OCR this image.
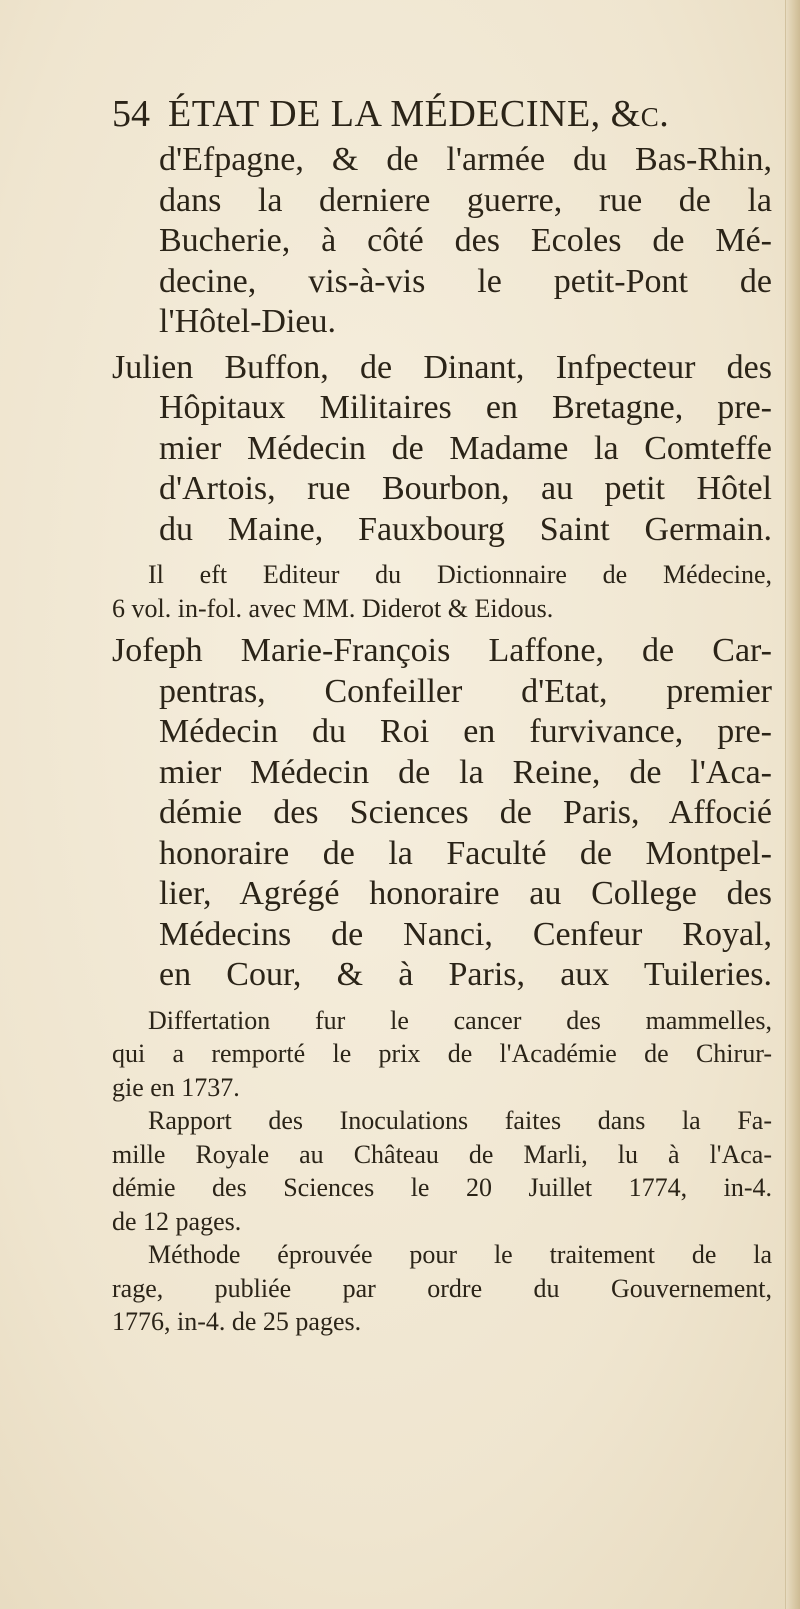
54 ÉTAT DE LA MÉDECINE, &c.
d'Efpagne, & de l'armée du Bas-Rhin,
dans la derniere guerre, rue de la
Bucherie, à côté des Ecoles de Mé-
decine, vis-à-vis le petit-Pont de
l'Hôtel-Dieu.
Julien Buffon, de Dinant, Infpecteur des
Hôpitaux Militaires en Bretagne, pre-
mier Médecin de Madame la Comteffe
d'Artois, rue Bourbon, au petit Hôtel
du Maine, Fauxbourg Saint Germain.
Il eft Editeur du Dictionnaire de Médecine,
6 vol. in-fol. avec MM. Diderot & Eidous.
Jofeph Marie-François Laffone, de Car-
pentras, Confeiller d'Etat, premier
Médecin du Roi en furvivance, pre-
mier Médecin de la Reine, de l'Aca-
démie des Sciences de Paris, Affocié
honoraire de la Faculté de Montpel-
lier, Agrégé honoraire au College des
Médecins de Nanci, Cenfeur Royal,
en Cour, & à Paris, aux Tuileries.
Differtation fur le cancer des mammelles,
qui a remporté le prix de l'Académie de Chirur-
gie en 1737.
Rapport des Inoculations faites dans la Fa-
mille Royale au Château de Marli, lu à l'Aca-
démie des Sciences le 20 Juillet 1774, in-4.
de 12 pages.
Méthode éprouvée pour le traitement de la
rage, publiée par ordre du Gouvernement,
1776, in-4. de 25 pages.
